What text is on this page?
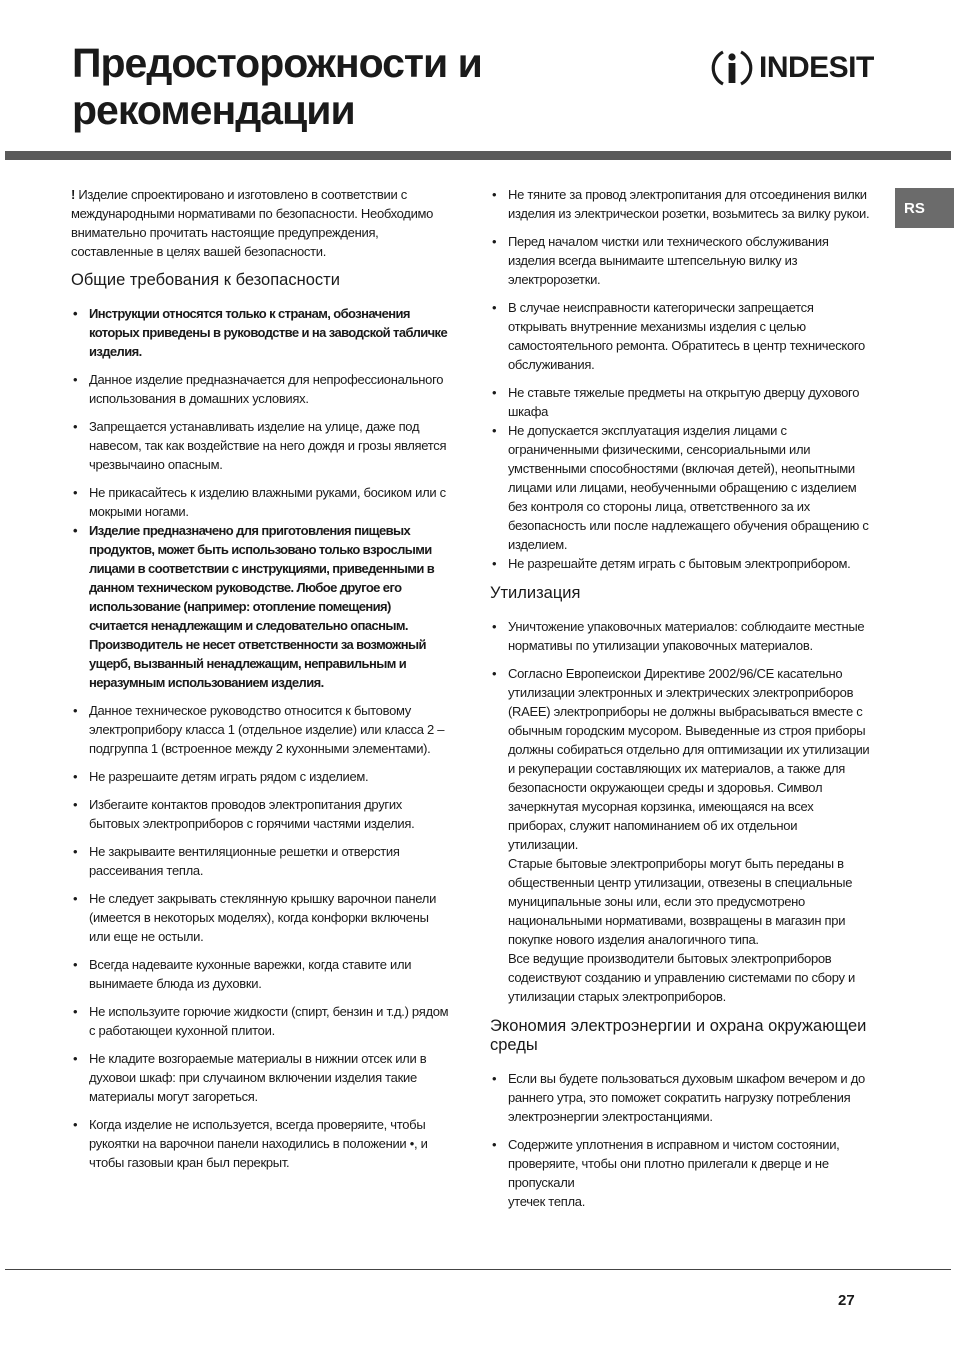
Предосторожности и рекомендации
INDESIT
RS

! Изделие спроектировано и изготовлено в соответствии с международными нормативами по безопасности. Необходимо внимательно прочитать настоящие предупреждения, составленные в целях вашей безопасности.

Общие требования к безопасности
• Инструкции относятся только к странам, обозначения которых приведены в руководстве и на заводской табличке изделия.
• Данное изделие предназначается для непрофессионального использования в домашних условиях.
• Запрещается устанавливать изделие на улице, даже под навесом, так как воздействие на него дождя и грозы является чрезвычаино опасным.
• Не прикасайтесь к изделию влажными руками, босиком или с мокрыми ногами.
• Изделие предназначено для приготовления пищевых продуктов, может быть использовано только взрослыми лицами в соответствии с инструкциями, приведенными в данном техническом руководстве. Любое другое его использование (например: отопление помещения) считается ненадлежащим и следовательно опасным. Производитель не несет ответственности за возможный ущерб, вызванный ненадлежащим, неправильным и неразумным использованием изделия.
• Данное техническое руководство относится к бытовому электроприбору класса 1 (отдельное изделие) или класса 2 – подгруппа 1 (встроенное между 2 кухонными элементами).
• Не разрешаите детям играть рядом с изделием.
• Избегаите контактов проводов электропитания других бытовых электроприборов с горячими частями изделия.
• Не закрываите вентиляционные решетки и отверстия рассеивания тепла.
• Не следует закрывать стеклянную крышку варочнои панели (имеется в некоторых моделях), когда конфорки включены или еще не остыли.
• Всегда надеваите кухонные варежки, когда ставите или вынимаете блюда из духовки.
• Не используите горючие жидкости (спирт, бензин и т.д.) рядом с работающеи кухонной плитои.
• Не кладите возгораемые материалы в нижнии отсек или в духовои шкаф: при случаином включении изделия такие материалы могут загореться.
• Когда изделие не используется, всегда проверяите, чтобы рукоятки на варочнои панели находились в положении •, и чтобы газовыи кран был перекрыт.
• Не тяните за провод электропитания для отсоединения вилки изделия из электрическои розетки, возьмитесь за вилку рукои.
• Перед началом чистки или технического обслуживания изделия всегда вынимаите штепсельную вилку из электророзетки.
• В случае неисправности категорически запрещается открывать внутренние механизмы изделия с целью самостоятельного ремонта. Обратитесь в центр технического обслуживания.
• Не ставьте тяжелые предметы на открытую дверцу духового шкафа
• Не допускается эксплуатация изделия лицами с ограниченными физическими, сенсориальными или умственными способностями (включая детей), неопытными лицами или лицами, необученными обращению с изделием без контроля со стороны лица, ответственного за их безопасность или после надлежащего обучения обращению с изделием.
• Не разрешайте детям играть с бытовым электроприбором.
Утилизация
• Уничтожение упаковочных материалов: соблюдаите местные нормативы по утилизации упаковочных материалов.
• Согласно Европеискои Директиве 2002/96/CE касательно утилизации электронных и электрических электроприборов (RAEE) электроприборы не должны выбрасываться вместе с обычным городским мусором. Выведенные из строя приборы должны собираться отдельно для оптимизации их утилизации и рекуперации составляющих их материалов, а также для безопасности окружающеи среды и здоровья. Символ зачеркнутая мусорная корзинка, имеющаяся на всех приборах, служит напоминанием об их отдельнои утилизации.
Старые бытовые электроприборы могут быть переданы в общественныи центр утилизации, отвезены в специальные муниципальные зоны или, если это предусмотрено национальными нормативами, возвращены в магазин при покупке нового изделия аналогичного типа.
Все ведущие производители бытовых электроприборов содеиствуют созданию и управлению системами по сбору и утилизации старых электроприборов.
Экономия электроэнергии и охрана окружающеи среды
• Если вы будете пользоваться духовым шкафом вечером и до раннего утра, это поможет сократить нагрузку потребления электроэнергии электростанциями.
• Содержите уплотнения в исправном и чистом состоянии, проверяите, чтобы они плотно прилегали к дверце и не пропускали
утечек тепла.
27
